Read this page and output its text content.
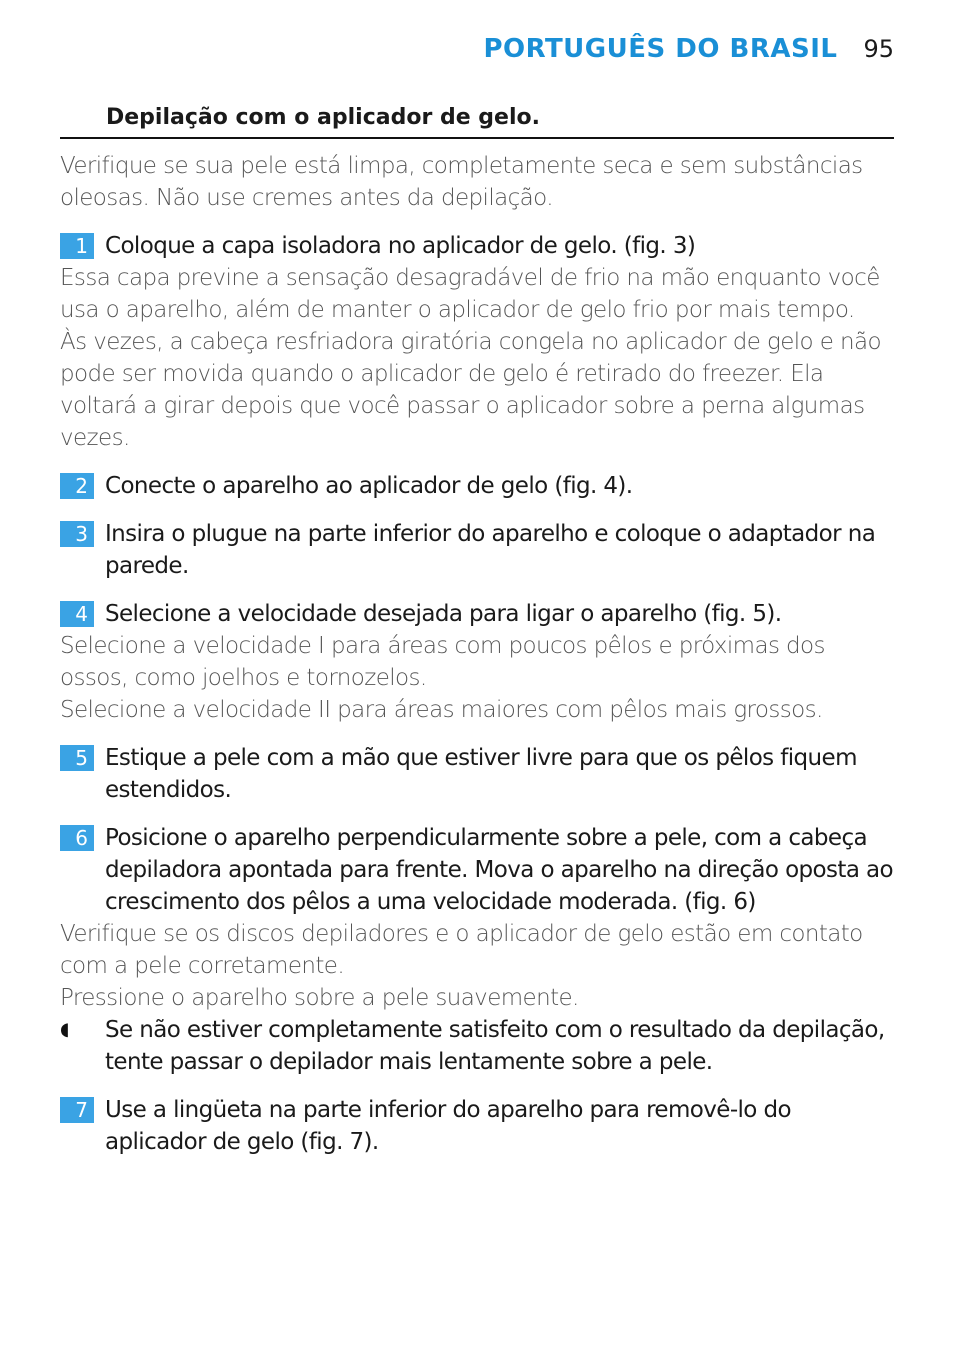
PORTUGUÊS DO BRASIL 95
Depilação com o aplicador de gelo.

Verifique se sua pele está limpa, completamente seca e sem substâncias oleosas. Não use cremes antes da depilação.

1 Coloque a capa isoladora no aplicador de gelo. (fig. 3)

Essa capa previne a sensação desagradável de frio na mão enquanto você usa o aparelho, além de manter o aplicador de gelo frio por mais tempo.

Às vezes, a cabeça resfriadora giratória congela no aplicador de gelo e não pode ser movida quando o aplicador de gelo é retirado do freezer. Ela voltará a girar depois que você passar o aplicador sobre a perna algumas vezes.

2 Conecte o aparelho ao aplicador de gelo (fig. 4).
3 Insira o plugue na parte inferior do aparelho e coloque o adaptador na parede.
4 Selecione a velocidade desejada para ligar o aparelho (fig. 5).

Selecione a velocidade I para áreas com poucos pêlos e próximas dos ossos, como joelhos e tornozelos.

Selecione a velocidade II para áreas maiores com pêlos mais grossos.

5 Estique a pele com a mão que estiver livre para que os pêlos fiquem estendidos.
6 Posicione o aparelho perpendicularmente sobre a pele, com a cabeça depiladora apontada para frente. Mova o aparelho na direção oposta ao crescimento dos pêlos a uma velocidade moderada. (fig. 6)

Verifique se os discos depiladores e o aplicador de gelo estão em contato com a pele corretamente.

Pressione o aparelho sobre a pele suavemente.

◖	Se não estiver completamente satisfeito com o resultado da depilação, tente passar o depilador mais lentamente sobre a pele.
7 Use a lingüeta na parte inferior do aparelho para removê-lo do aplicador de gelo (fig. 7).
